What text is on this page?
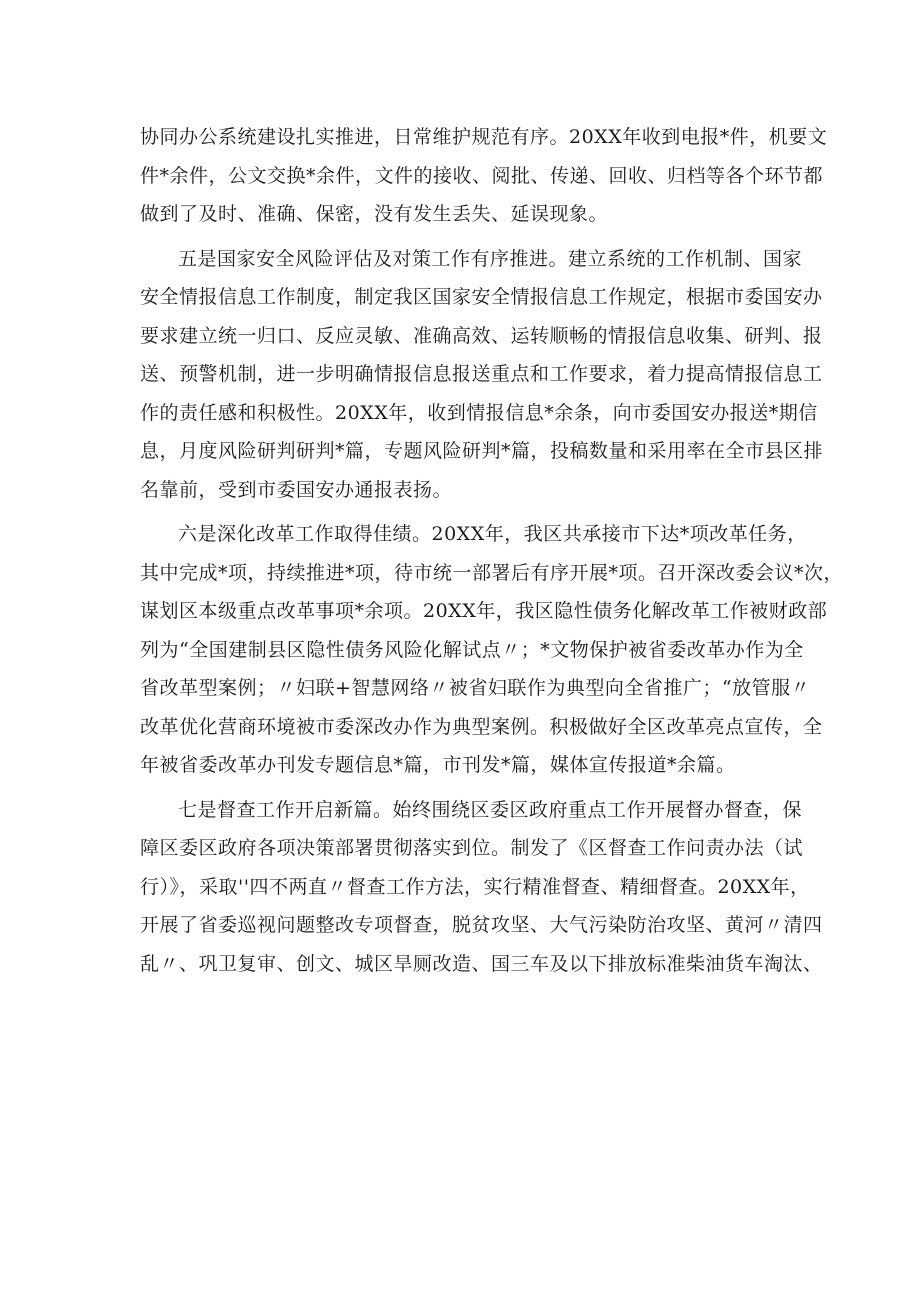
协同办公系统建设扎实推进，日常维护规范有序。20XX年收到电报*件，机要文
件*余件，公文交换*余件，文件的接收、阅批、传递、回收、归档等各个环节都
做到了及时、准确、保密，没有发生丢失、延误现象。
五是国家安全风险评估及对策工作有序推进。建立系统的工作机制、国家
安全情报信息工作制度，制定我区国家安全情报信息工作规定，根据市委国安办
要求建立统一归口、反应灵敏、准确高效、运转顺畅的情报信息收集、研判、报
送、预警机制，进一步明确情报信息报送重点和工作要求，着力提高情报信息工
作的责任感和积极性。20XX年，收到情报信息*余条，向市委国安办报送*期信
息，月度风险研判研判*篇，专题风险研判*篇，投稿数量和采用率在全市县区排
名靠前，受到市委国安办通报表扬。
六是深化改革工作取得佳绩。20XX年，我区共承接市下达*项改革任务，
其中完成*项，持续推进*项，待市统一部署后有序开展*项。召开深改委会议*次，
谋划区本级重点改革事项*余项。20XX年，我区隐性债务化解改革工作被财政部
列为“全国建制县区隐性债务风险化解试点〃；*文物保护被省委改革办作为全
省改革型案例；〃妇联+智慧网络〃被省妇联作为典型向全省推广；“放管服〃
改革优化营商环境被市委深改办作为典型案例。积极做好全区改革亮点宣传，全
年被省委改革办刊发专题信息*篇，市刊发*篇，媒体宣传报道*余篇。
七是督查工作开启新篇。始终围绕区委区政府重点工作开展督办督查，保
障区委区政府各项决策部署贯彻落实到位。制发了《区督查工作问责办法（试
行）》，采取''四不两直〃督查工作方法，实行精准督查、精细督查。20XX年，
开展了省委巡视问题整改专项督查，脱贫攻坚、大气污染防治攻坚、黄河〃清四
乱〃、巩卫复审、创文、城区旱厕改造、国三车及以下排放标准柴油货车淘汰、
